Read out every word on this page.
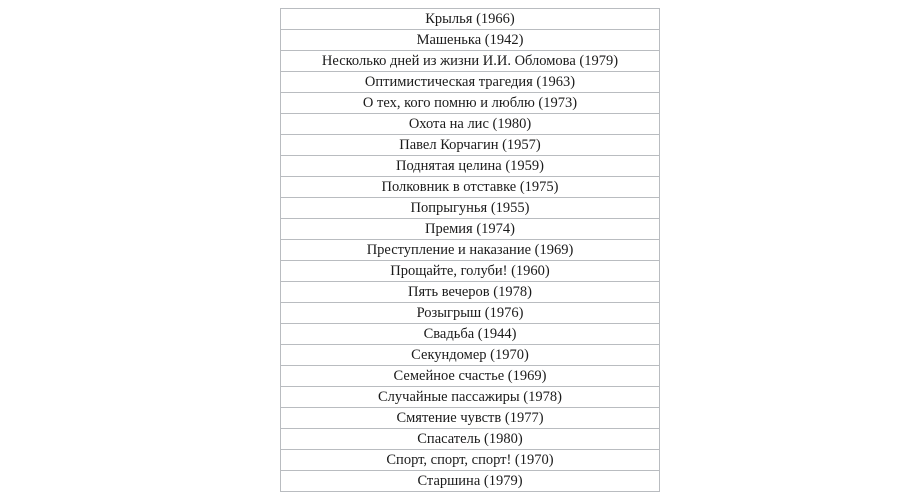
Крылья (1966)
Машенька (1942)
Несколько дней из жизни И.И. Обломова (1979)
Оптимистическая трагедия (1963)
О тех, кого помню и люблю (1973)
Охота на лис (1980)
Павел Корчагин (1957)
Поднятая целина (1959)
Полковник в отставке (1975)
Попрыгунья (1955)
Премия (1974)
Преступление и наказание (1969)
Прощайте, голуби! (1960)
Пять вечеров (1978)
Розыгрыш (1976)
Свадьба (1944)
Секундомер (1970)
Семейное счастье (1969)
Случайные пассажиры (1978)
Смятение чувств (1977)
Спасатель (1980)
Спорт, спорт, спорт! (1970)
Старшина (1979)
